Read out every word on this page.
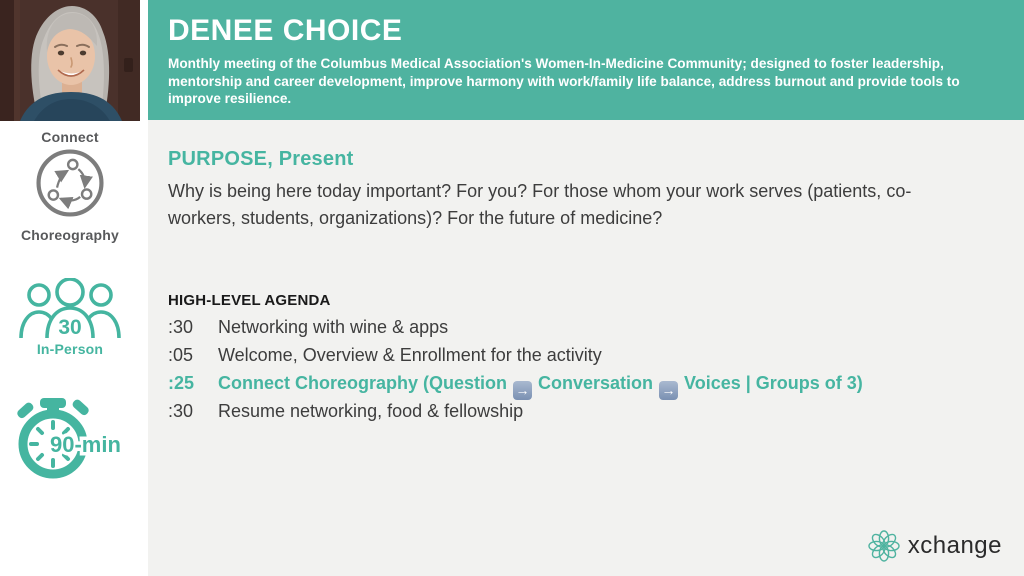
Connect
Choreography
30
In-Person
90-min
DENEE CHOICE
Monthly meeting of the Columbus Medical Association's Women-In-Medicine Community; designed to foster leadership, mentorship and career development, improve harmony with work/family life balance, address burnout and provide tools to improve resilience.
PURPOSE, Present
Why is being here today important? For you? For those whom your work serves (patients, co-workers, students, organizations)? For the future of medicine?
HIGH-LEVEL AGENDA
:30	Networking with wine & apps
:05	Welcome, Overview & Enrollment for the activity
:25	Connect Choreography (Question → Conversation → Voices | Groups of 3)
:30	Resume networking, food & fellowship
xchange
